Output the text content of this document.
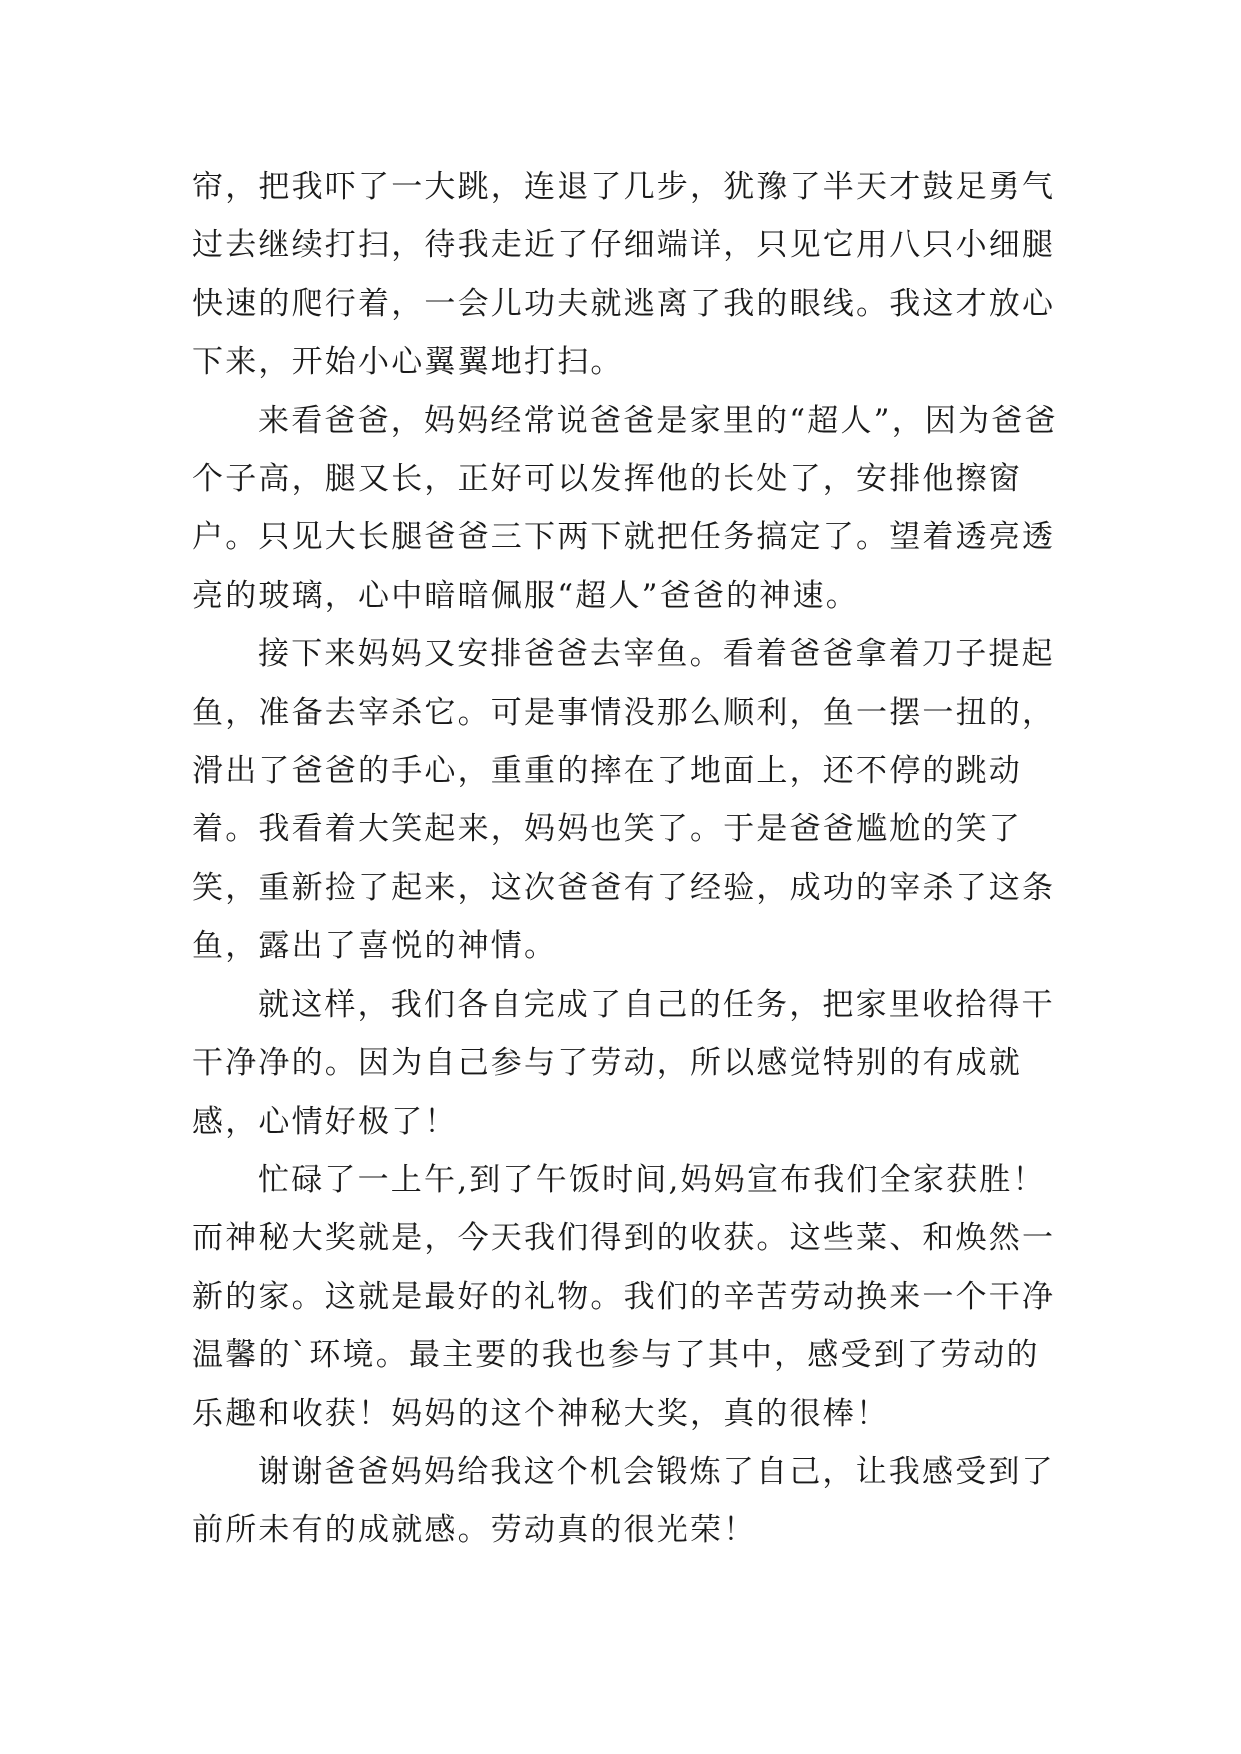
帘，把我吓了一大跳，连退了几步，犹豫了半天才鼓足勇气过去继续打扫，待我走近了仔细端详，只见它用八只小细腿快速的爬行着，一会儿功夫就逃离了我的眼线。我这才放心下来，开始小心翼翼地打扫。

来看爸爸，妈妈经常说爸爸是家里的“超人”，因为爸爸个子高，腿又长，正好可以发挥他的长处了，安排他擦窗户。只见大长腿爸爸三下两下就把任务搞定了。望着透亮透亮的玻璃，心中暗暗佩服“超人”爸爸的神速。

接下来妈妈又安排爸爸去宰鱼。看着爸爸拿着刀子提起鱼，准备去宰杀它。可是事情没那么顺利，鱼一摆一扭的，滑出了爸爸的手心，重重的摔在了地面上，还不停的跳动着。我看着大笑起来，妈妈也笑了。于是爸爸尴尬的笑了笑，重新捡了起来，这次爸爸有了经验，成功的宰杀了这条鱼，露出了喜悦的神情。

就这样，我们各自完成了自己的任务，把家里收拾得干干净净的。因为自己参与了劳动，所以感觉特别的有成就感，心情好极了！

忙碌了一上午,到了午饭时间,妈妈宣布我们全家获胜！而神秘大奖就是，今天我们得到的收获。这些菜、和焕然一新的家。这就是最好的礼物。我们的辛苦劳动换来一个干净温馨的`环境。最主要的我也参与了其中，感受到了劳动的乐趣和收获！妈妈的这个神秘大奖，真的很棒！

谢谢爸爸妈妈给我这个机会锻炼了自己，让我感受到了前所未有的成就感。劳动真的很光荣！
